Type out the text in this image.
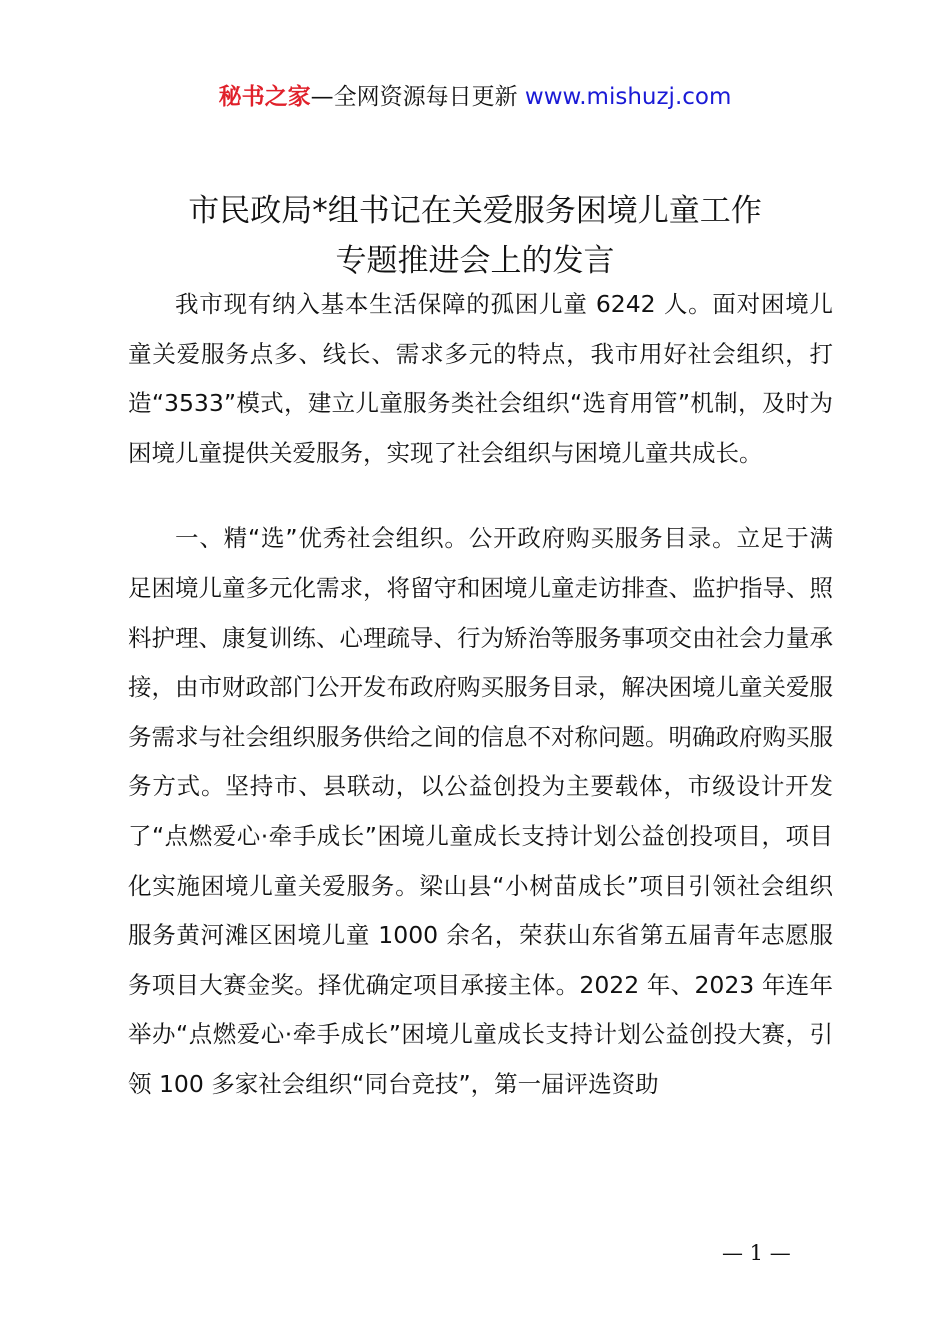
秘书之家—全网资源每日更新 www.mishuzj.com
市民政局*组书记在关爱服务困境儿童工作
专题推进会上的发言

我市现有纳入基本生活保障的孤困儿童 6242 人。面对困境儿童关爱服务点多、线长、需求多元的特点，我市用好社会组织，打造“3533”模式，建立儿童服务类社会组织“选育用管”机制，及时为困境儿童提供关爱服务，实现了社会组织与困境儿童共成长。

一、精“选”优秀社会组织。公开政府购买服务目录。立足于满足困境儿童多元化需求，将留守和困境儿童走访排查、监护指导、照料护理、康复训练、心理疏导、行为矫治等服务事项交由社会力量承接，由市财政部门公开发布政府购买服务目录，解决困境儿童关爱服务需求与社会组织服务供给之间的信息不对称问题。明确政府购买服务方式。坚持市、县联动，以公益创投为主要载体，市级设计开发了“点燃爱心·牵手成长”困境儿童成长支持计划公益创投项目，项目化实施困境儿童关爱服务。梁山县“小树苗成长”项目引领社会组织服务黄河滩区困境儿童 1000 余名，荣获山东省第五届青年志愿服务项目大赛金奖。择优确定项目承接主体。2022 年、2023 年连年举办“点燃爱心·牵手成长”困境儿童成长支持计划公益创投大赛，引领 100 多家社会组织“同台竞技”，第一届评选资助

— 1 —
